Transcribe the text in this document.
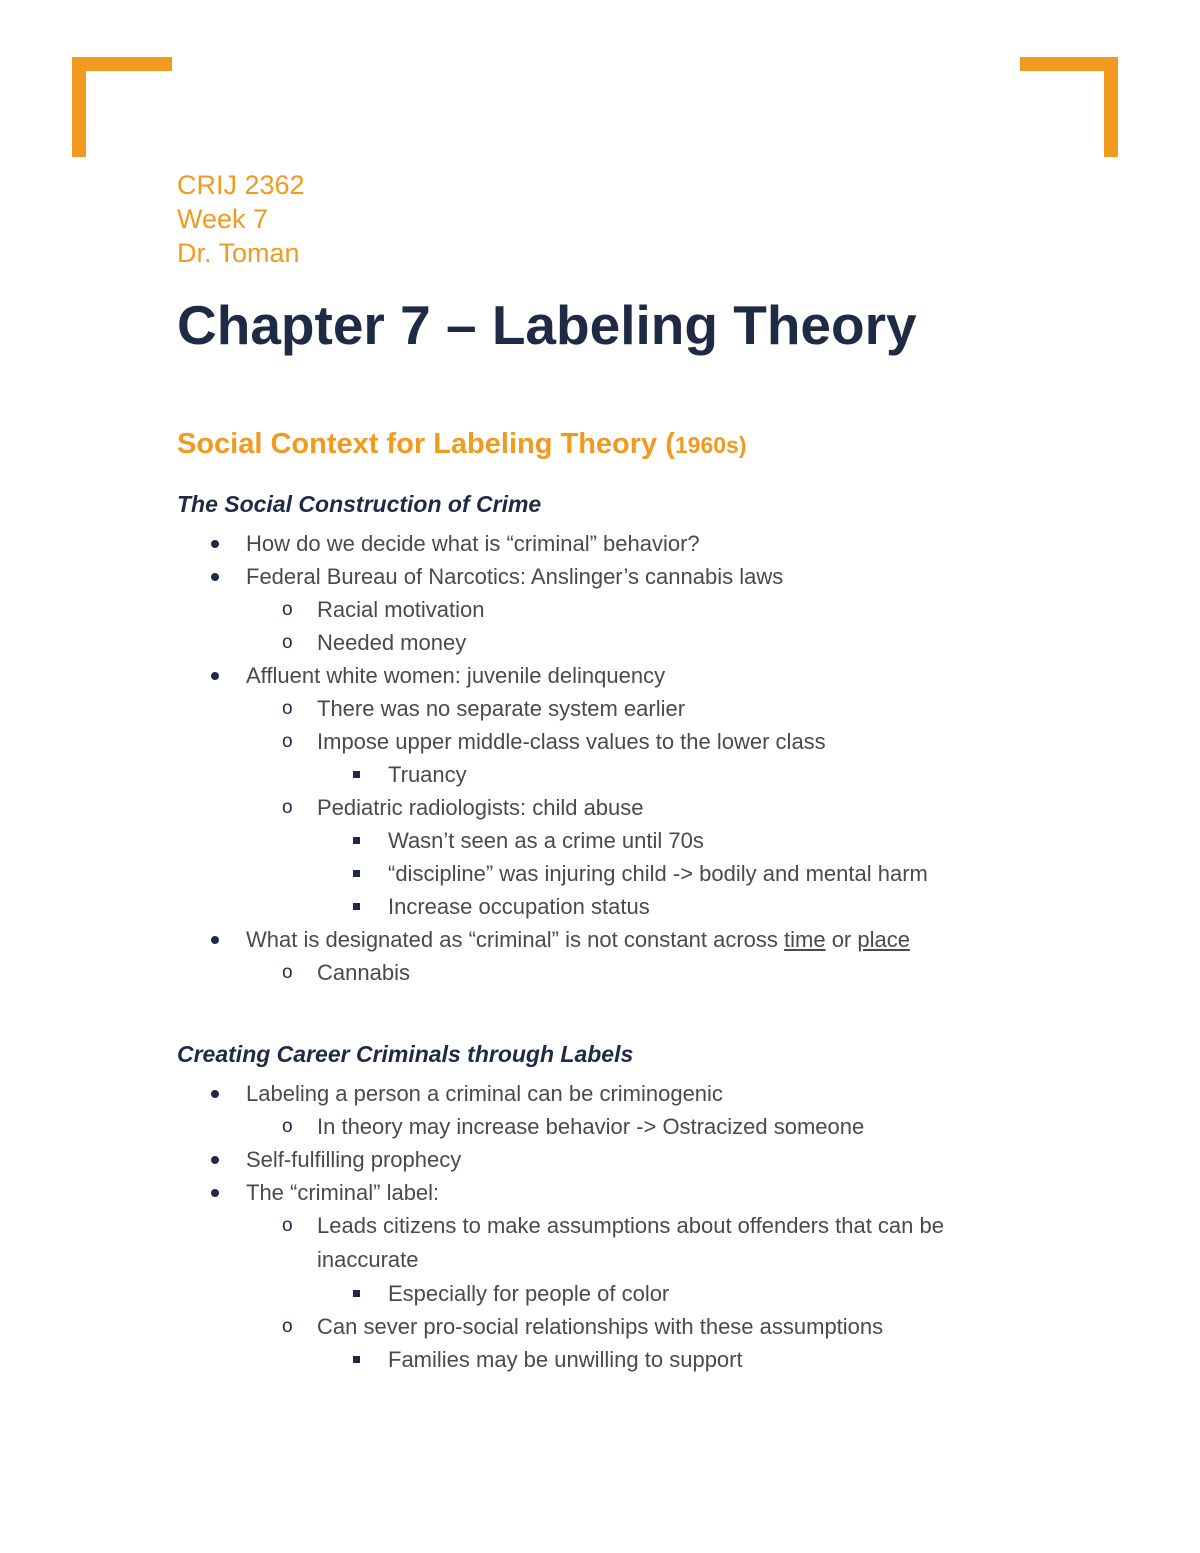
CRIJ 2362

Week 7

Dr. Toman

Chapter 7 – Labeling Theory
Social Context for Labeling Theory (1960s)
The Social Construction of Crime
How do we decide what is “criminal” behavior?
Federal Bureau of Narcotics: Anslinger’s cannabis laws
o Racial motivation
o Needed money
Affluent white women: juvenile delinquency
o There was no separate system earlier
o Impose upper middle-class values to the lower class
Truancy
o Pediatric radiologists: child abuse
Wasn’t seen as a crime until 70s
“discipline” was injuring child -> bodily and mental harm
Increase occupation status
What is designated as “criminal” is not constant across time or place
o Cannabis
Creating Career Criminals through Labels
Labeling a person a criminal can be criminogenic
o In theory may increase behavior -> Ostracized someone
Self-fulfilling prophecy
The “criminal” label:
o Leads citizens to make assumptions about offenders that can be inaccurate
Especially for people of color
o Can sever pro-social relationships with these assumptions
Families may be unwilling to support
